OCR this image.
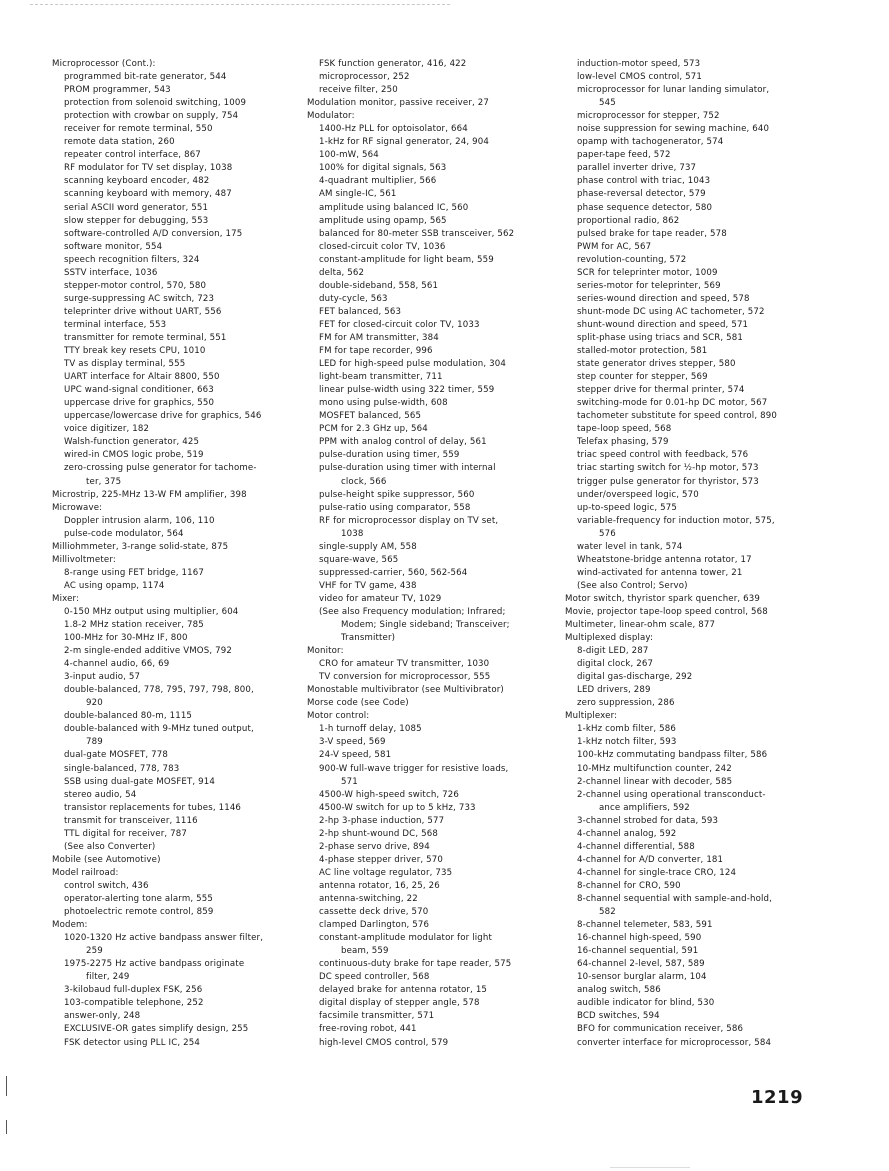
Microprocessor (Cont.):
programmed bit-rate generator, 544
PROM programmer, 543
protection from solenoid switching, 1009
protection with crowbar on supply, 754
receiver for remote terminal, 550
remote data station, 260
repeater control interface, 867
RF modulator for TV set display, 1038
scanning keyboard encoder, 482
scanning keyboard with memory, 487
serial ASCII word generator, 551
slow stepper for debugging, 553
software-controlled A/D conversion, 175
software monitor, 554
speech recognition filters, 324
SSTV interface, 1036
stepper-motor control, 570, 580
surge-suppressing AC switch, 723
teleprinter drive without UART, 556
terminal interface, 553
transmitter for remote terminal, 551
TTY break key resets CPU, 1010
TV as display terminal, 555
UART interface for Altair 8800, 550
UPC wand-signal conditioner, 663
uppercase drive for graphics, 550
uppercase/lowercase drive for graphics, 546
voice digitizer, 182
Walsh-function generator, 425
wired-in CMOS logic probe, 519
zero-crossing pulse generator for tachome-
ter, 375
Microstrip, 225-MHz 13-W FM amplifier, 398
Microwave:
Doppler intrusion alarm, 106, 110
pulse-code modulator, 564
Milliohmmeter, 3-range solid-state, 875
Millivoltmeter:
8-range using FET bridge, 1167
AC using opamp, 1174
Mixer:
0-150 MHz output using multiplier, 604
1.8-2 MHz station receiver, 785
100-MHz for 30-MHz IF, 800
2-m single-ended additive VMOS, 792
4-channel audio, 66, 69
3-input audio, 57
double-balanced, 778, 795, 797, 798, 800,
920
double-balanced 80-m, 1115
double-balanced with 9-MHz tuned output,
789
dual-gate MOSFET, 778
single-balanced, 778, 783
SSB using dual-gate MOSFET, 914
stereo audio, 54
transistor replacements for tubes, 1146
transmit for transceiver, 1116
TTL digital for receiver, 787
(See also Converter)
Mobile (see Automotive)
Model railroad:
control switch, 436
operator-alerting tone alarm, 555
photoelectric remote control, 859
Modem:
1020-1320 Hz active bandpass answer filter,
259
1975-2275 Hz active bandpass originate
filter, 249
3-kilobaud full-duplex FSK, 256
103-compatible telephone, 252
answer-only, 248
EXCLUSIVE-OR gates simplify design, 255
FSK detector using PLL IC, 254
FSK function generator, 416, 422
microprocessor, 252
receive filter, 250
Modulation monitor, passive receiver, 27
Modulator:
1400-Hz PLL for optoisolator, 664
1-kHz for RF signal generator, 24, 904
100-mW, 564
100% for digital signals, 563
4-quadrant multiplier, 566
AM single-IC, 561
amplitude using balanced IC, 560
amplitude using opamp, 565
balanced for 80-meter SSB transceiver, 562
closed-circuit color TV, 1036
constant-amplitude for light beam, 559
delta, 562
double-sideband, 558, 561
duty-cycle, 563
FET balanced, 563
FET for closed-circuit color TV, 1033
FM for AM transmitter, 384
FM for tape recorder, 996
LED for high-speed pulse modulation, 304
light-beam transmitter, 711
linear pulse-width using 322 timer, 559
mono using pulse-width, 608
MOSFET balanced, 565
PCM for 2.3 GHz up, 564
PPM with analog control of delay, 561
pulse-duration using timer, 559
pulse-duration using timer with internal
clock, 566
pulse-height spike suppressor, 560
pulse-ratio using comparator, 558
RF for microprocessor display on TV set,
1038
single-supply AM, 558
square-wave, 565
suppressed-carrier, 560, 562-564
VHF for TV game, 438
video for amateur TV, 1029
(See also Frequency modulation; Infrared;
Modem; Single sideband; Transceiver;
Transmitter)
Monitor:
CRO for amateur TV transmitter, 1030
TV conversion for microprocessor, 555
Monostable multivibrator (see Multivibrator)
Morse code (see Code)
Motor control:
1-h turnoff delay, 1085
3-V speed, 569
24-V speed, 581
900-W full-wave trigger for resistive loads,
571
4500-W high-speed switch, 726
4500-W switch for up to 5 kHz, 733
2-hp 3-phase induction, 577
2-hp shunt-wound DC, 568
2-phase servo drive, 894
4-phase stepper driver, 570
AC line voltage regulator, 735
antenna rotator, 16, 25, 26
antenna-switching, 22
cassette deck drive, 570
clamped Darlington, 576
constant-amplitude modulator for light
beam, 559
continuous-duty brake for tape reader, 575
DC speed controller, 568
delayed brake for antenna rotator, 15
digital display of stepper angle, 578
facsimile transmitter, 571
free-roving robot, 441
high-level CMOS control, 579
induction-motor speed, 573
low-level CMOS control, 571
microprocessor for lunar landing simulator,
545
microprocessor for stepper, 752
noise suppression for sewing machine, 640
opamp with tachogenerator, 574
paper-tape feed, 572
parallel inverter drive, 737
phase control with triac, 1043
phase-reversal detector, 579
phase sequence detector, 580
proportional radio, 862
pulsed brake for tape reader, 578
PWM for AC, 567
revolution-counting, 572
SCR for teleprinter motor, 1009
series-motor for teleprinter, 569
series-wound direction and speed, 578
shunt-mode DC using AC tachometer, 572
shunt-wound direction and speed, 571
split-phase using triacs and SCR, 581
stalled-motor protection, 581
state generator drives stepper, 580
step counter for stepper, 569
stepper drive for thermal printer, 574
switching-mode for 0.01-hp DC motor, 567
tachometer substitute for speed control, 890
tape-loop speed, 568
Telefax phasing, 579
triac speed control with feedback, 576
triac starting switch for ½-hp motor, 573
trigger pulse generator for thyristor, 573
under/overspeed logic, 570
up-to-speed logic, 575
variable-frequency for induction motor, 575,
576
water level in tank, 574
Wheatstone-bridge antenna rotator, 17
wind-activated for antenna tower, 21
(See also Control; Servo)
Motor switch, thyristor spark quencher, 639
Movie, projector tape-loop speed control, 568
Multimeter, linear-ohm scale, 877
Multiplexed display:
8-digit LED, 287
digital clock, 267
digital gas-discharge, 292
LED drivers, 289
zero suppression, 286
Multiplexer:
1-kHz comb filter, 586
1-kHz notch filter, 593
100-kHz commutating bandpass filter, 586
10-MHz multifunction counter, 242
2-channel linear with decoder, 585
2-channel using operational transconduct-
ance amplifiers, 592
3-channel strobed for data, 593
4-channel analog, 592
4-channel differential, 588
4-channel for A/D converter, 181
4-channel for single-trace CRO, 124
8-channel for CRO, 590
8-channel sequential with sample-and-hold,
582
8-channel telemeter, 583, 591
16-channel high-speed, 590
16-channel sequential, 591
64-channel 2-level, 587, 589
10-sensor burglar alarm, 104
analog switch, 586
audible indicator for blind, 530
BCD switches, 594
BFO for communication receiver, 586
converter interface for microprocessor, 584
1219
